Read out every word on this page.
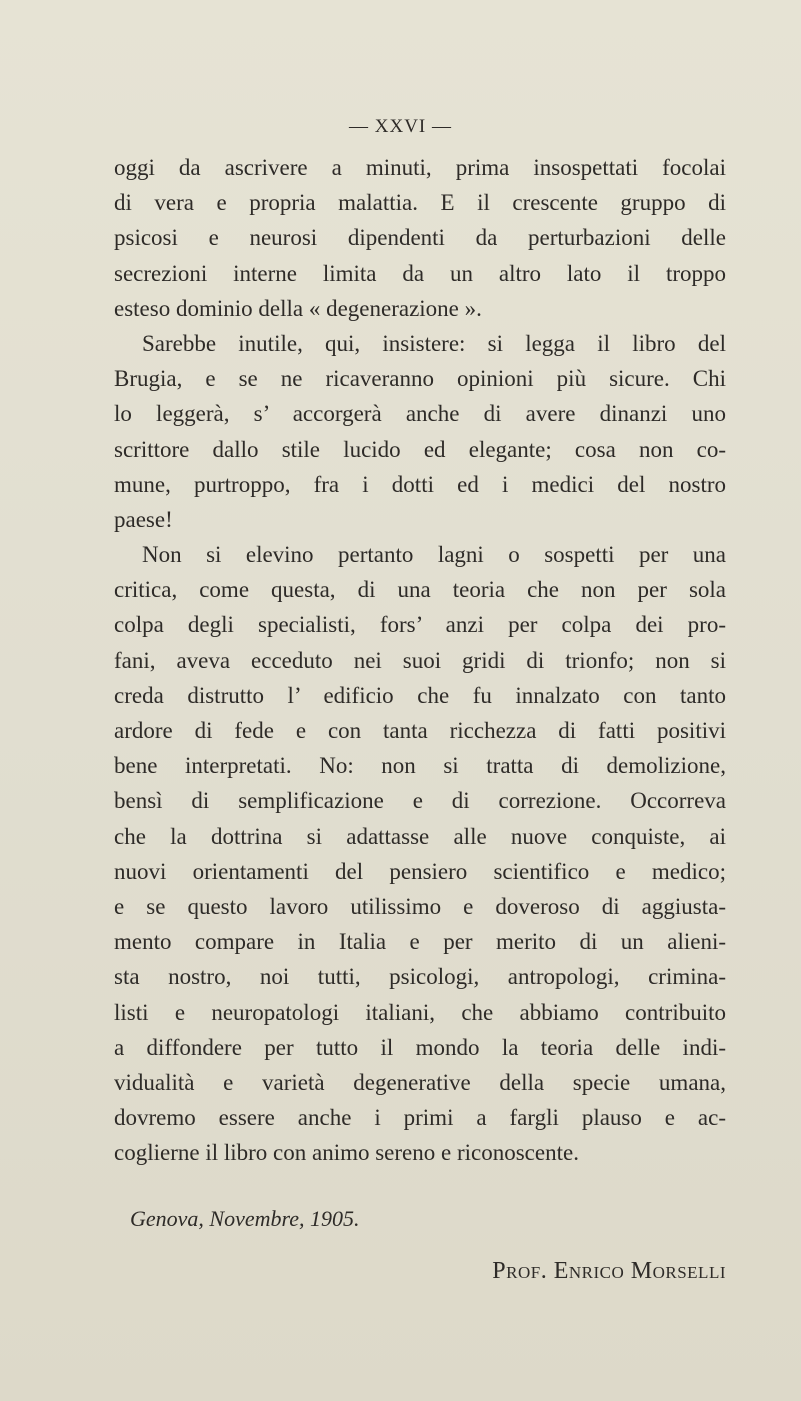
— XXVI —
oggi da ascrivere a minuti, prima insospettati focolai
di vera e propria malattia. E il crescente gruppo di
psicosi e neurosi dipendenti da perturbazioni delle
secrezioni interne limita da un altro lato il troppo
esteso dominio della « degenerazione ».
Sarebbe inutile, qui, insistere: si legga il libro del
Brugia, e se ne ricaveranno opinioni più sicure. Chi
lo leggerà, s’ accorgerà anche di avere dinanzi uno
scrittore dallo stile lucido ed elegante; cosa non co-
mune, purtroppo, fra i dotti ed i medici del nostro
paese!
Non si elevino pertanto lagni o sospetti per una
critica, come questa, di una teoria che non per sola
colpa degli specialisti, fors’ anzi per colpa dei pro-
fani, aveva ecceduto nei suoi gridi di trionfo; non si
creda distrutto l’ edificio che fu innalzato con tanto
ardore di fede e con tanta ricchezza di fatti positivi
bene interpretati. No: non si tratta di demolizione,
bensì di semplificazione e di correzione. Occorreva
che la dottrina si adattasse alle nuove conquiste, ai
nuovi orientamenti del pensiero scientifico e medico;
e se questo lavoro utilissimo e doveroso di aggiusta-
mento compare in Italia e per merito di un alieni-
sta nostro, noi tutti, psicologi, antropologi, crimina-
listi e neuropatologi italiani, che abbiamo contribuito
a diffondere per tutto il mondo la teoria delle indi-
vidualità e varietà degenerative della specie umana,
dovremo essere anche i primi a fargli plauso e ac-
coglierne il libro con animo sereno e riconoscente.
Genova, Novembre, 1905.
Prof. Enrico Morselli
